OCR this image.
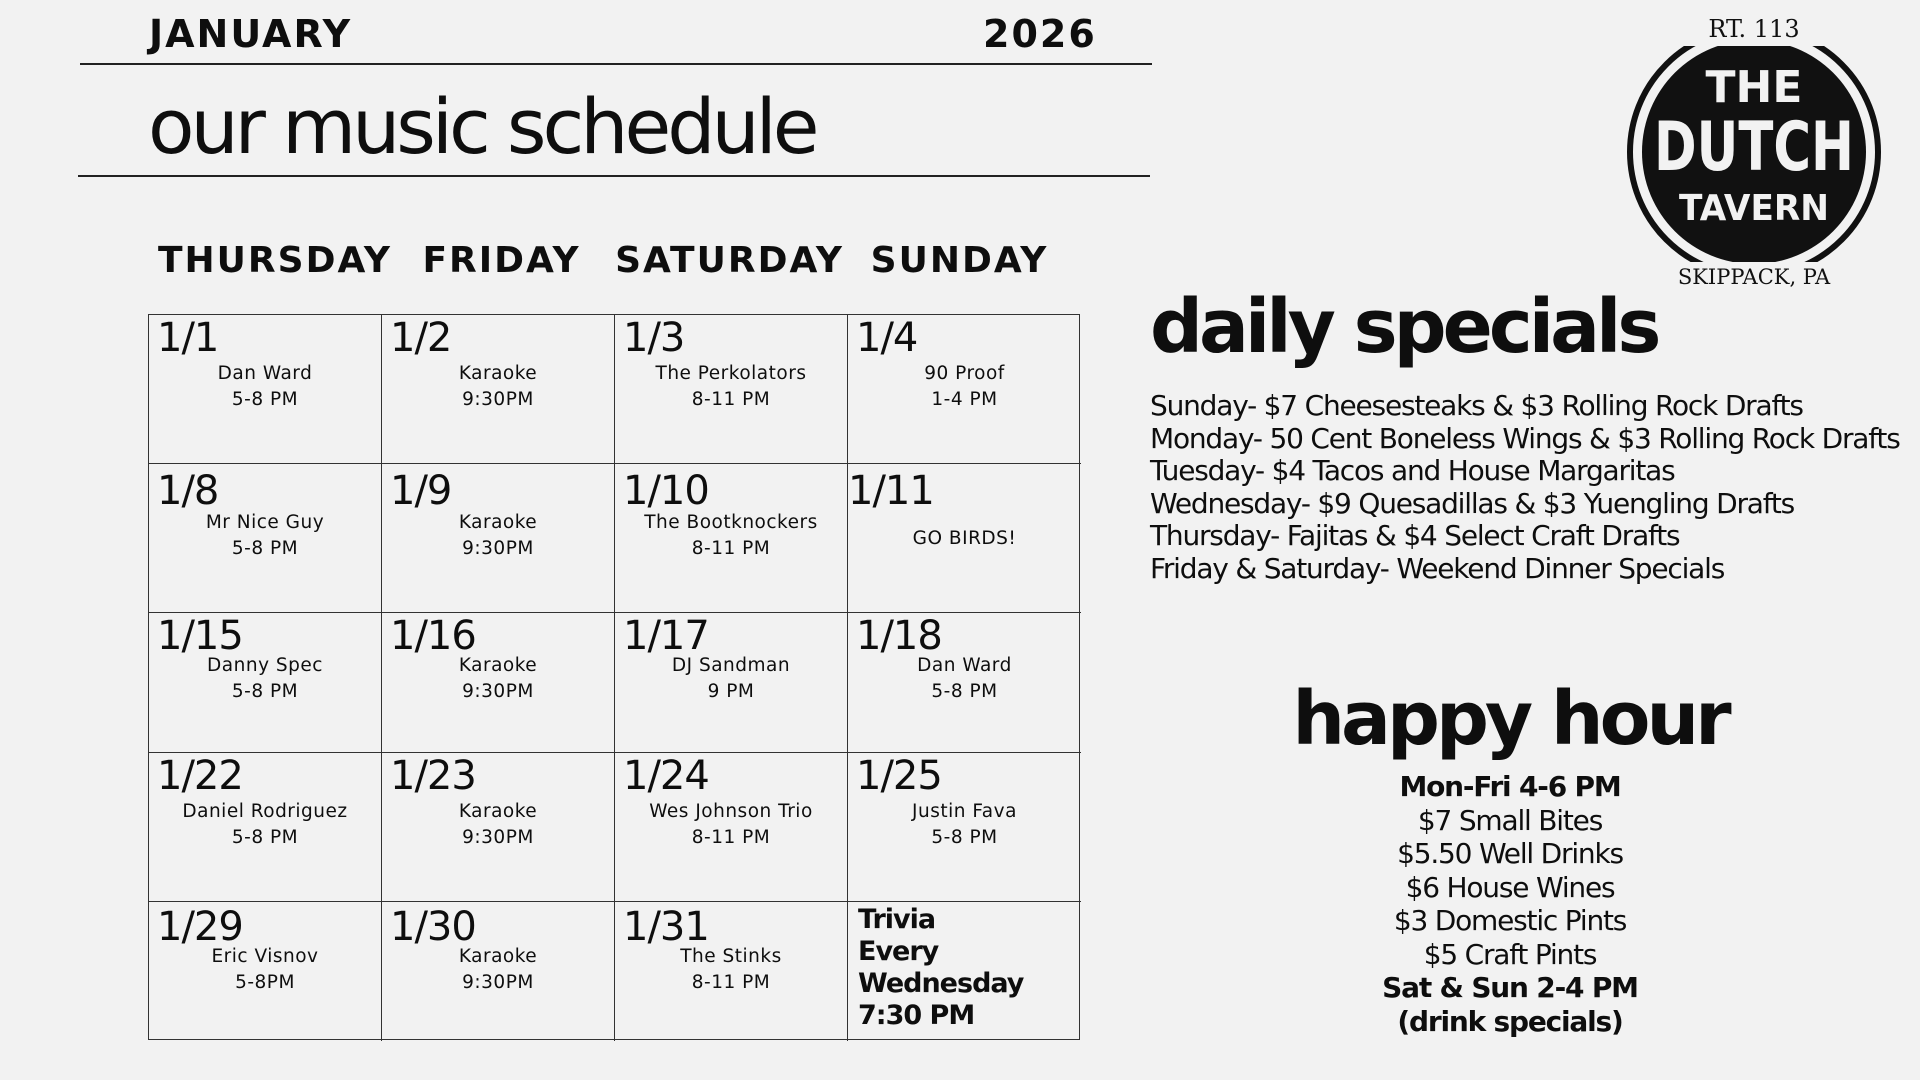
JANUARY	2026
our music schedule
THURSDAY FRIDAY SATURDAY SUNDAY
1/1
Dan Ward
5-8 PM
1/2
Karaoke
9:30PM
1/3
The Perkolators
8-11 PM
1/4
90 Proof
1-4 PM
1/8
Mr Nice Guy
5-8 PM
1/9
Karaoke
9:30PM
1/10
The Bootknockers
8-11 PM
1/11
GO BIRDS!
1/15
Danny Spec
5-8 PM
1/16
Karaoke
9:30PM
1/17
DJ Sandman
9 PM
1/18
Dan Ward
5-8 PM
1/22
Daniel Rodriguez
5-8 PM
1/23
Karaoke
9:30PM
1/24
Wes Johnson Trio
8-11 PM
1/25
Justin Fava
5-8 PM
1/29
Eric Visnov
5-8PM
1/30
Karaoke
9:30PM
1/31
The Stinks
8-11 PM
Trivia
Every
Wednesday
7:30 PM
RT. 113
THE
DUTCH
TAVERN
SKIPPACK, PA
daily specials
Sunday- $7 Cheesesteaks & $3 Rolling Rock Drafts
Monday- 50 Cent Boneless Wings & $3 Rolling Rock Drafts
Tuesday- $4 Tacos and House Margaritas
Wednesday- $9 Quesadillas & $3 Yuengling Drafts
Thursday- Fajitas & $4 Select Craft Drafts
Friday & Saturday- Weekend Dinner Specials
happy hour
Mon-Fri 4-6 PM
$7 Small Bites
$5.50 Well Drinks
$6 House Wines
$3 Domestic Pints
$5 Craft Pints
Sat & Sun 2-4 PM
(drink specials)
